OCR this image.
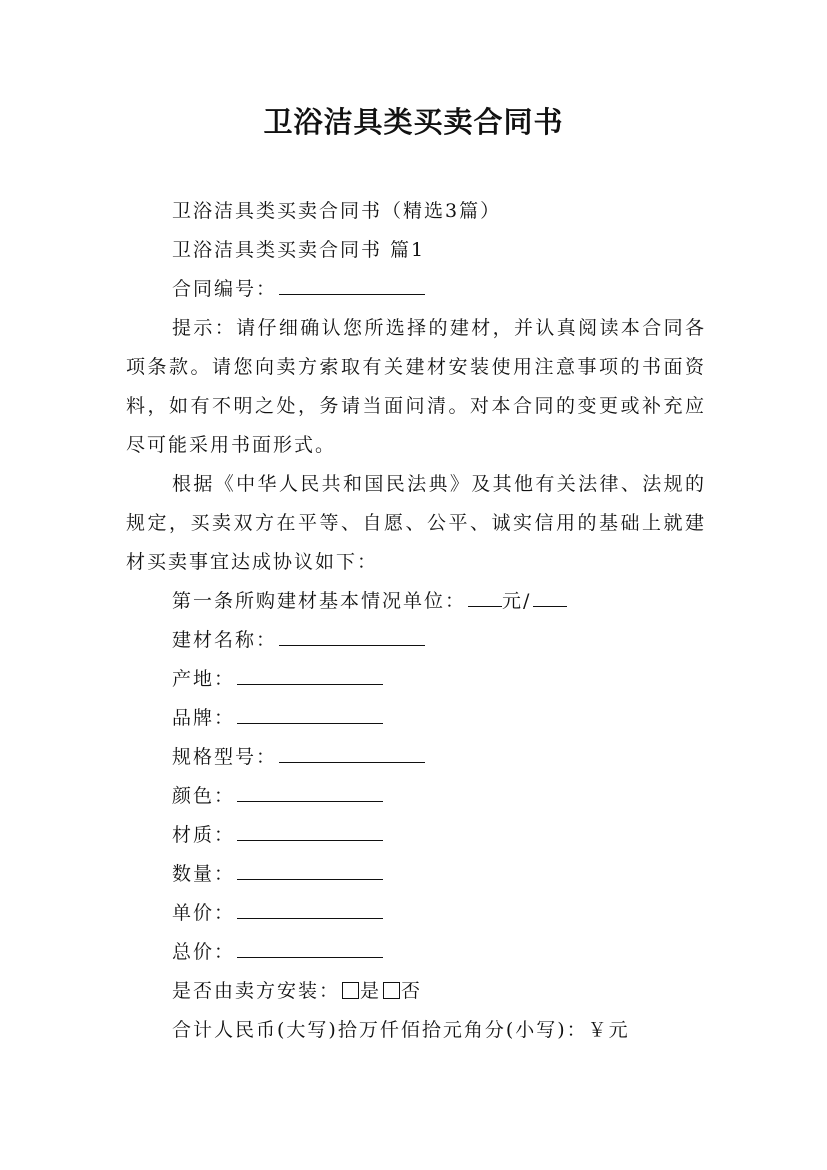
卫浴洁具类买卖合同书

卫浴洁具类买卖合同书（精选3篇）

卫浴洁具类买卖合同书 篇1

合同编号：

提示：请仔细确认您所选择的建材，并认真阅读本合同各项条款。请您向卖方索取有关建材安装使用注意事项的书面资料，如有不明之处，务请当面问清。对本合同的变更或补充应尽可能采用书面形式。

根据《中华人民共和国民法典》及其他有关法律、法规的规定，买卖双方在平等、自愿、公平、诚实信用的基础上就建材买卖事宜达成协议如下：

第一条所购建材基本情况单位： 元/

建材名称：

产地：

品牌：

规格型号：

颜色：

材质：

数量：

单价：

总价：

是否由卖方安装： 是 否

合计人民币(大写)拾万仟佰拾元角分(小写)：￥元
